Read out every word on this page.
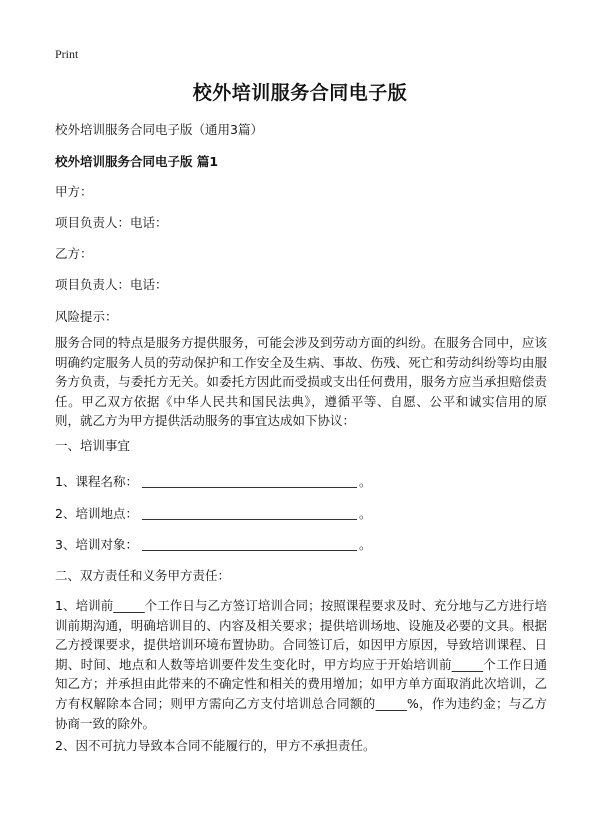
Print
校外培训服务合同电子版
校外培训服务合同电子版（通用3篇）
校外培训服务合同电子版 篇1
甲方：
项目负责人：电话：
乙方：
项目负责人：电话：
风险提示：
服务合同的特点是服务方提供服务，可能会涉及到劳动方面的纠纷。在服务合同中，应该明确约定服务人员的劳动保护和工作安全及生病、事故、伤残、死亡和劳动纠纷等均由服务方负责，与委托方无关。如委托方因此而受损或支出任何费用，服务方应当承担赔偿责任。甲乙双方依据《中华人民共和国民法典》，遵循平等、自愿、公平和诚实信用的原则，就乙方为甲方提供活动服务的事宜达成如下协议：
一、培训事宜
1、课程名称：	。
2、培训地点：	。
3、培训对象：	。
二、双方责任和义务甲方责任：
1、培训前_____个工作日与乙方签订培训合同；按照课程要求及时、充分地与乙方进行培训前期沟通，明确培训目的、内容及相关要求；提供培训场地、设施及必要的文具。根据乙方授课要求，提供培训环境布置协助。合同签订后，如因甲方原因，导致培训课程、日期、时间、地点和人数等培训要件发生变化时，甲方均应于开始培训前_____个工作日通知乙方；并承担由此带来的不确定性和相关的费用增加；如甲方单方面取消此次培训，乙方有权解除本合同；则甲方需向乙方支付培训总合同额的_____%，作为违约金；与乙方协商一致的除外。
2、因不可抗力导致本合同不能履行的，甲方不承担责任。
